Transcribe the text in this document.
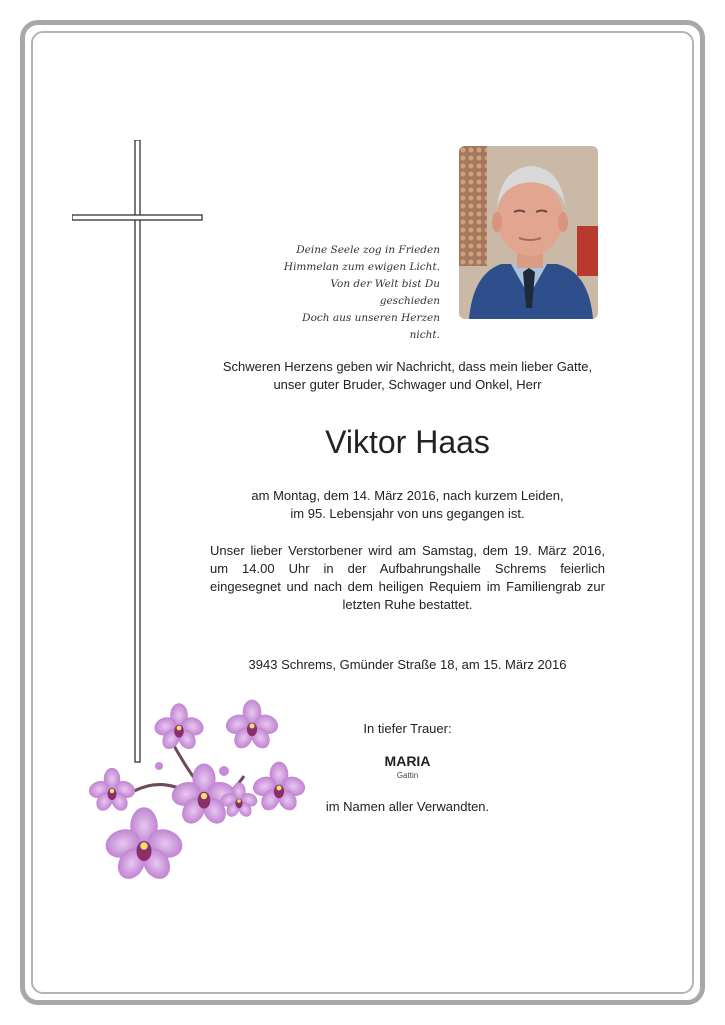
Deine Seele zog in Frieden
Himmelan zum ewigen Licht.
Von der Welt bist Du geschieden
Doch aus unseren Herzen nicht.
Schweren Herzens geben wir Nachricht, dass mein lieber Gatte,
unser guter Bruder, Schwager und Onkel, Herr
Viktor Haas
am Montag, dem 14. März 2016, nach kurzem Leiden,
im 95. Lebensjahr von uns gegangen ist.
Unser lieber Verstorbener wird am Samstag, dem 19. März 2016, um 14.00 Uhr in der Aufbahrungshalle Schrems feierlich eingesegnet und nach dem heiligen Requiem im Familiengrab zur letzten Ruhe bestattet.
3943 Schrems, Gmünder Straße 18, am 15. März 2016
In tiefer Trauer:
MARIA
Gattin
im Namen aller Verwandten.
